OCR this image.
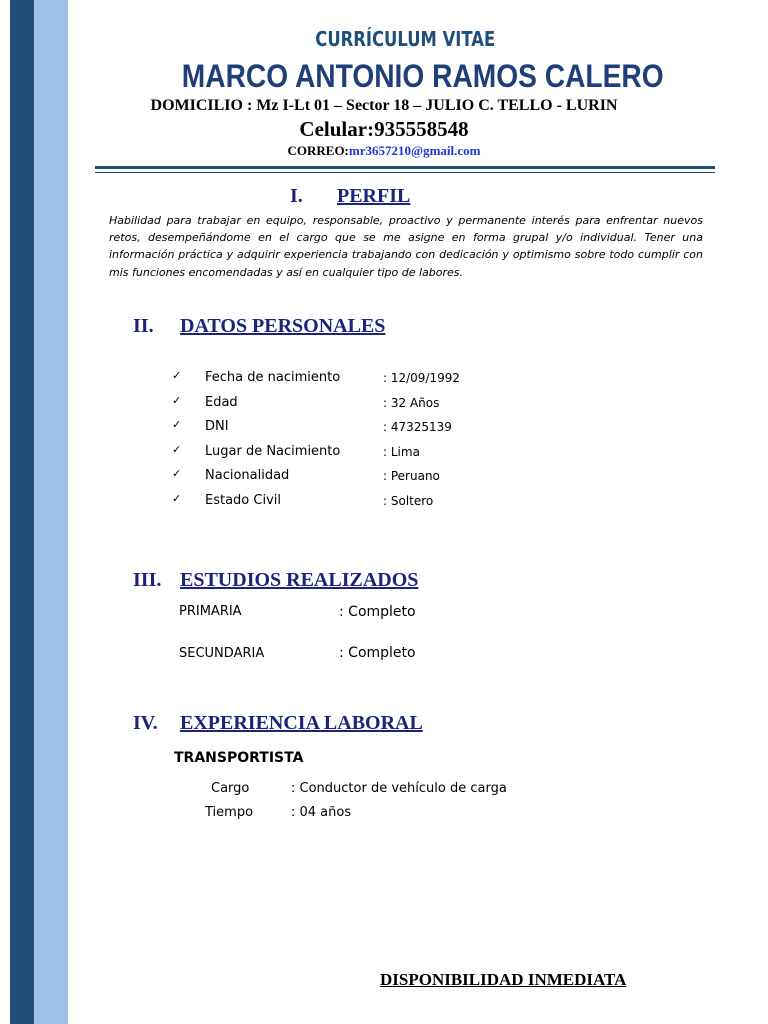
CURRÍCULUM VITAE
MARCO ANTONIO RAMOS CALERO
DOMICILIO : Mz I-Lt 01 – Sector 18 – JULIO C. TELLO - LURIN
Celular:935558548
CORREO:mr3657210@gmail.com
I. PERFIL
Habilidad para trabajar en equipo, responsable, proactivo y permanente interés para enfrentar nuevos retos, desempeñándome en el cargo que se me asigne en forma grupal y/o individual. Tener una información práctica y adquirir experiencia trabajando con dedicación y optimismo sobre todo cumplir con mis funciones encomendadas y así en cualquier tipo de labores.
II. DATOS PERSONALES
✓ Fecha de nacimiento	: 12/09/1992
✓ Edad	: 32 Años
✓ DNI	: 47325139
✓ Lugar de Nacimiento	: Lima
✓ Nacionalidad	: Peruano
✓ Estado Civil	: Soltero
III. ESTUDIOS REALIZADOS
PRIMARIA	: Completo
SECUNDARIA	: Completo
IV. EXPERIENCIA LABORAL
TRANSPORTISTA
Cargo	: Conductor de vehículo de carga
Tiempo	: 04 años
DISPONIBILIDAD INMEDIATA
